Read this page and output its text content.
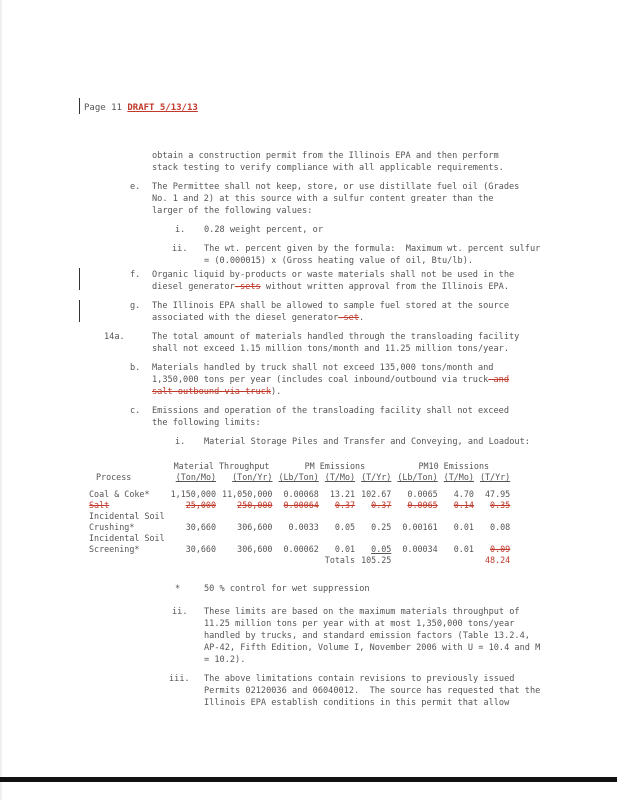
Page 11 DRAFT 5/13/13
obtain a construction permit from the Illinois EPA and then perform
stack testing to verify compliance with all applicable requirements.
e. The Permittee shall not keep, store, or use distillate fuel oil (Grades
No. 1 and 2) at this source with a sulfur content greater than the
larger of the following values:
i. 0.28 weight percent, or
ii. The wt. percent given by the formula:  Maximum wt. percent sulfur
= (0.000015) x (Gross heating value of oil, Btu/lb).
f. Organic liquid by-products or waste materials shall not be used in the
diesel generator-sets without written approval from the Illinois EPA.
g. The Illinois EPA shall be allowed to sample fuel stored at the source
associated with the diesel generator-set.
14a.	The total amount of materials handled through the transloading facility
shall not exceed 1.15 million tons/month and 11.25 million tons/year.
b. Materials handled by truck shall not exceed 135,000 tons/month and
1,350,000 tons per year (includes coal inbound/outbound via truck and
salt outbound via truck).
c. Emissions and operation of the transloading facility shall not exceed
the following limits:
i. Material Storage Piles and Transfer and Conveying, and Loadout:
	Material Throughput		PM Emissions			PM10 Emissions		
Process	(Ton/Mo)	(Ton/Yr)	(Lb/Ton)	(T/Mo)	(T/Yr)	(Lb/Ton)	(T/Mo)	(T/Yr)

Coal & Coke*	1,150,000	11,050,000	0.00068	13.21	102.67	0.0065	4.70	47.95
Salt	25,000	250,000	0.00064	0.37	0.37	0.0065	0.14	0.35
Incidental Soil								
Crushing*	30,660	306,600	0.0033	0.05	0.25	0.00161	0.01	0.08
Incidental Soil								
Screening*	30,660	306,600	0.00062	0.01	0.05	0.00034	0.01	0.09
				Totals	105.25			48.24
*	50 % control for wet suppression
ii. These limits are based on the maximum materials throughput of
11.25 million tons per year with at most 1,350,000 tons/year
handled by trucks, and standard emission factors (Table 13.2.4,
AP-42, Fifth Edition, Volume I, November 2006 with U = 10.4 and M
= 10.2).
iii. The above limitations contain revisions to previously issued
Permits 02120036 and 06040012.  The source has requested that the
Illinois EPA establish conditions in this permit that allow
